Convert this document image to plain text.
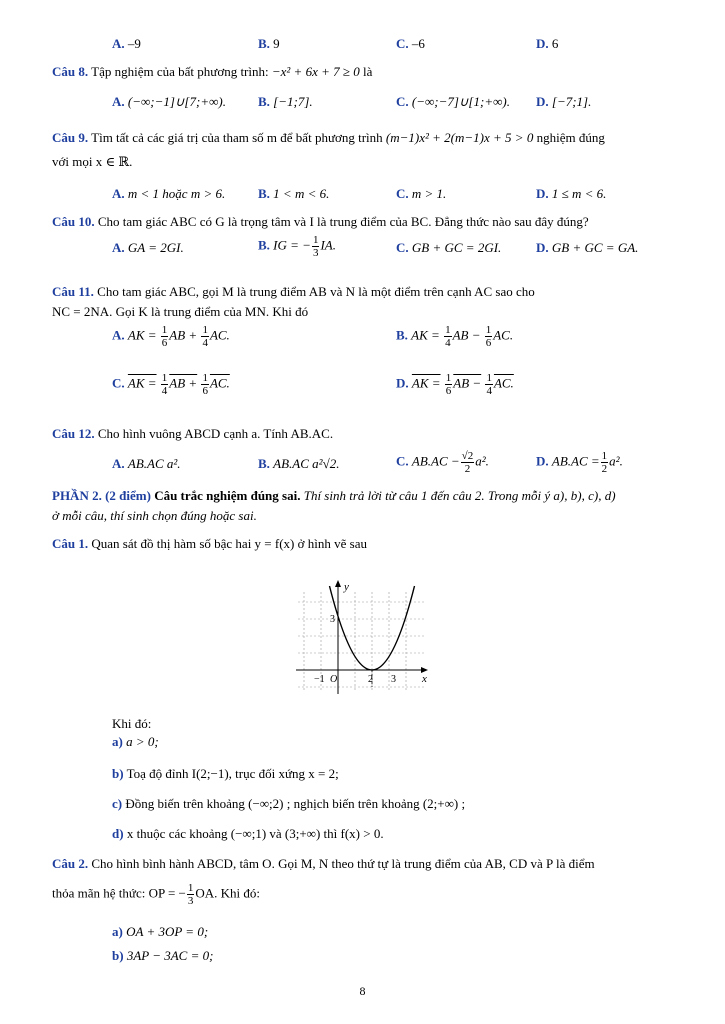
A. –9	B. 9	C. –6	D. 6
Câu 8. Tập nghiệm của bất phương trình: −x² + 6x + 7 ≥ 0 là
A. (−∞;−1]∪[7;+∞). B. [−1;7].	C. (−∞;−7]∪[1;+∞). D. [−7;1].
Câu 9. Tìm tất cả các giá trị của tham số m để bất phương trình (m−1)x² + 2(m−1)x + 5 > 0 nghiệm đúng
với mọi x ∈ ℝ.
A. m < 1 hoặc m > 6.	B. 1 < m < 6.	C. m > 1.	D. 1 ≤ m < 6.
Câu 10. Cho tam giác ABC có G là trọng tâm và I là trung điểm của BC. Đẳng thức nào sau đây đúng?
A. GA = 2GI.	B. IG = − $\frac{1}{3}$ IA.	C. GB + GC = 2GI.	D. GB + GC = GA.
Câu 11. Cho tam giác ABC, gọi M là trung điểm AB và N là một điểm trên cạnh AC sao cho
NC = 2NA. Gọi K là trung điểm của MN. Khi đó
A. AK = $\frac{1}{6}$ AB + $\frac{1}{4}$ AC.	B. AK = $\frac{1}{4}$ AB − $\frac{1}{6}$ AC.
C. AK = $\frac{1}{4}$ AB + $\frac{1}{6}$ AC.	D. AK = $\frac{1}{6}$ AB − $\frac{1}{4}$ AC.
Câu 12. Cho hình vuông ABCD cạnh a. Tính AB.AC.
A. AB.AC a².	B. AB.AC a²√2.	C. $AB.AC - \frac{√2}{2} a^2$.	D. $AB.AC = \frac{1}{2} a^2$.
PHẦN 2. (2 điểm) Câu trắc nghiệm đúng sai. Thí sinh trả lời từ câu 1 đến câu 2. Trong mỗi ý a), b), c), d)
ở mỗi câu, thí sinh chọn đúng hoặc sai.
Câu 1. Quan sát đồ thị hàm số bậc hai y = f(x) ở hình vẽ sau
y
x
O
−1	2 3
3
Khi đó:
a) a > 0;
b) Toạ độ đỉnh I(2;−1), trục đối xứng x = 2;
c) Đồng biến trên khoảng (−∞;2) ; nghịch biến trên khoảng (2;+∞) ;
d) x thuộc các khoảng (−∞;1) và (3;+∞) thì f(x) > 0.
Câu 2. Cho hình bình hành ABCD, tâm O. Gọi M, N theo thứ tự là trung điểm của AB, CD và P là điểm
thỏa mãn hệ thức: OP = − $\frac{1}{3}$ OA. Khi đó:
a) OA + 3OP = 0;
b) 3AP − 3AC = 0;
8
